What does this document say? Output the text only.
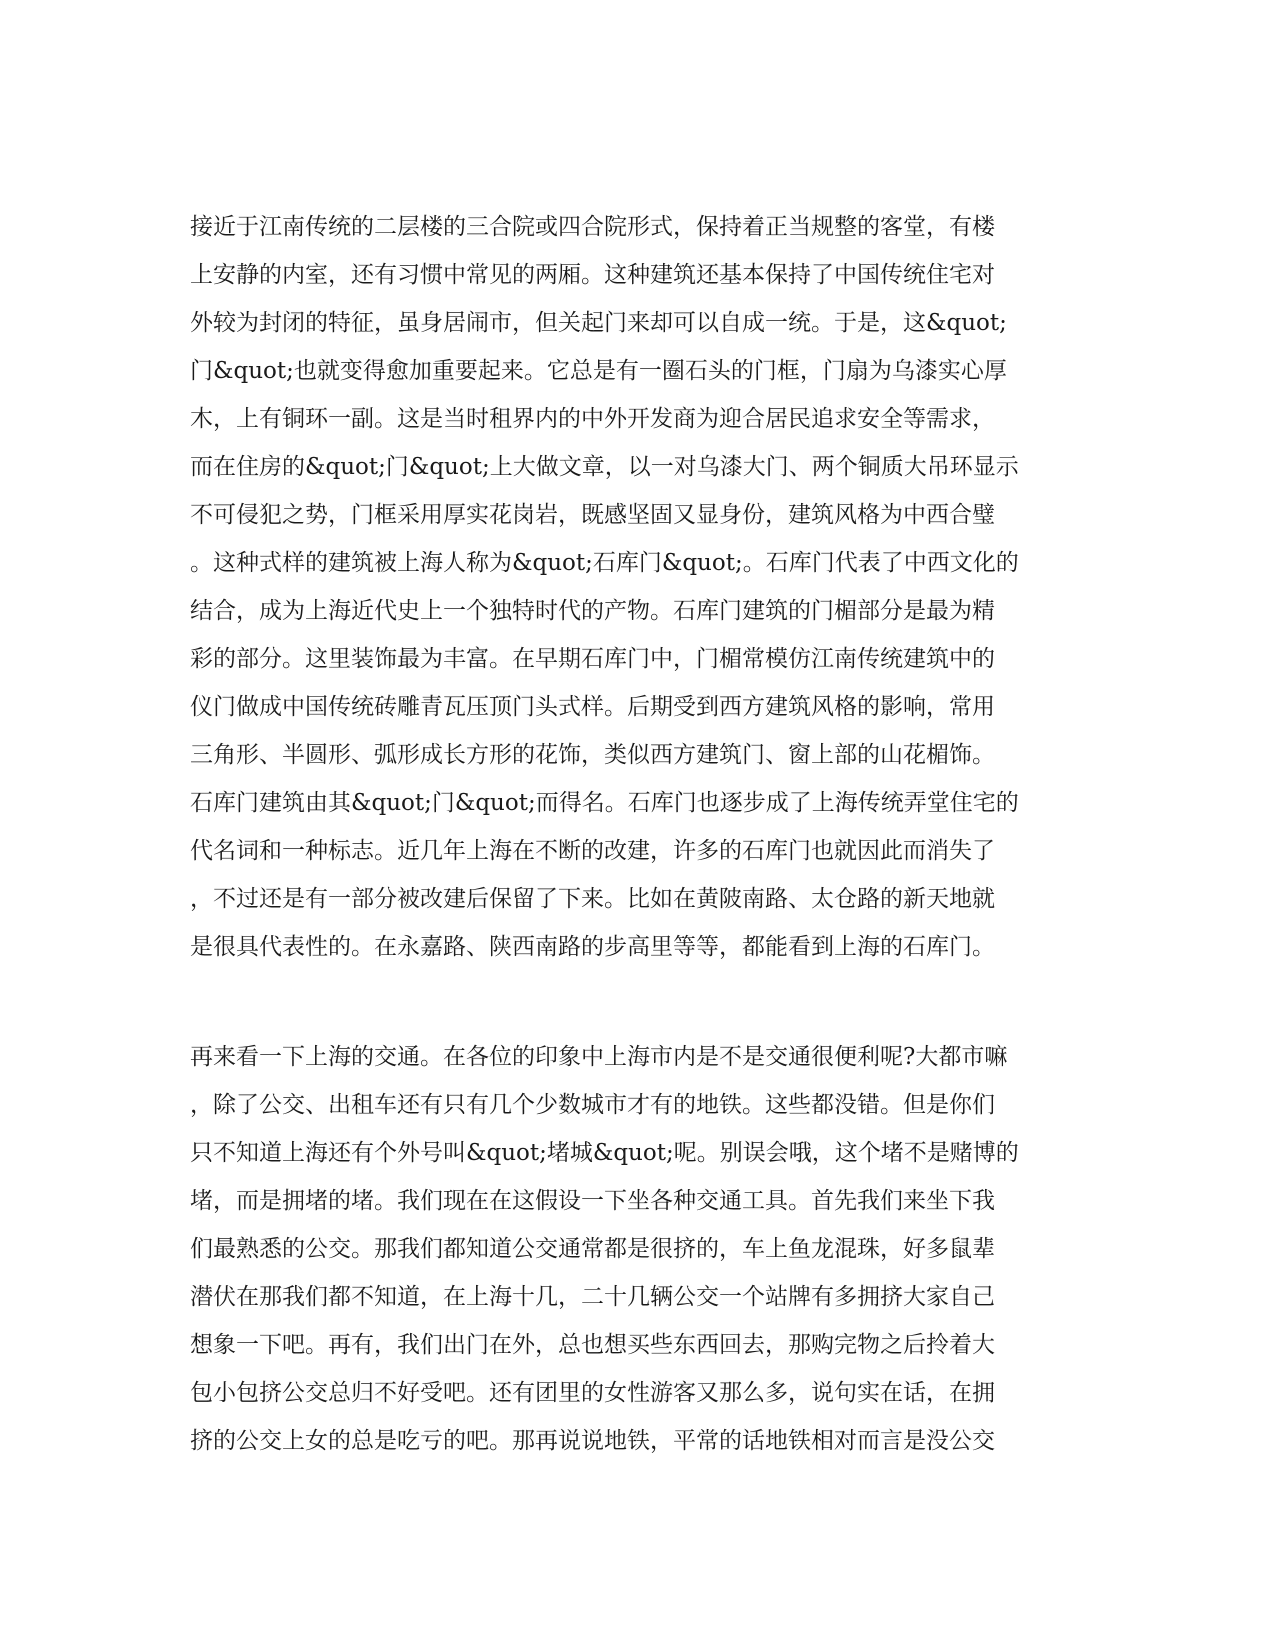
接近于江南传统的二层楼的三合院或四合院形式，保持着正当规整的客堂，有楼
上安静的内室，还有习惯中常见的两厢。这种建筑还基本保持了中国传统住宅对
外较为封闭的特征，虽身居闹市，但关起门来却可以自成一统。于是，这&quot;
门&quot;也就变得愈加重要起来。它总是有一圈石头的门框，门扇为乌漆实心厚
木，上有铜环一副。这是当时租界内的中外开发商为迎合居民追求安全等需求，
而在住房的&quot;门&quot;上大做文章，以一对乌漆大门、两个铜质大吊环显示
不可侵犯之势，门框采用厚实花岗岩，既感坚固又显身份，建筑风格为中西合璧
。这种式样的建筑被上海人称为&quot;石库门&quot;。石库门代表了中西文化的
结合，成为上海近代史上一个独特时代的产物。石库门建筑的门楣部分是最为精
彩的部分。这里装饰最为丰富。在早期石库门中，门楣常模仿江南传统建筑中的
仪门做成中国传统砖雕青瓦压顶门头式样。后期受到西方建筑风格的影响，常用
三角形、半圆形、弧形成长方形的花饰，类似西方建筑门、窗上部的山花楣饰。
石库门建筑由其&quot;门&quot;而得名。石库门也逐步成了上海传统弄堂住宅的
代名词和一种标志。近几年上海在不断的改建，许多的石库门也就因此而消失了
，不过还是有一部分被改建后保留了下来。比如在黄陂南路、太仓路的新天地就
是很具代表性的。在永嘉路、陕西南路的步高里等等，都能看到上海的石库门。
再来看一下上海的交通。在各位的印象中上海市内是不是交通很便利呢?大都市嘛
，除了公交、出租车还有只有几个少数城市才有的地铁。这些都没错。但是你们
只不知道上海还有个外号叫&quot;堵城&quot;呢。别误会哦，这个堵不是赌博的
堵，而是拥堵的堵。我们现在在这假设一下坐各种交通工具。首先我们来坐下我
们最熟悉的公交。那我们都知道公交通常都是很挤的，车上鱼龙混珠，好多鼠辈
潜伏在那我们都不知道，在上海十几，二十几辆公交一个站牌有多拥挤大家自己
想象一下吧。再有，我们出门在外，总也想买些东西回去，那购完物之后拎着大
包小包挤公交总归不好受吧。还有团里的女性游客又那么多，说句实在话，在拥
挤的公交上女的总是吃亏的吧。那再说说地铁，平常的话地铁相对而言是没公交
